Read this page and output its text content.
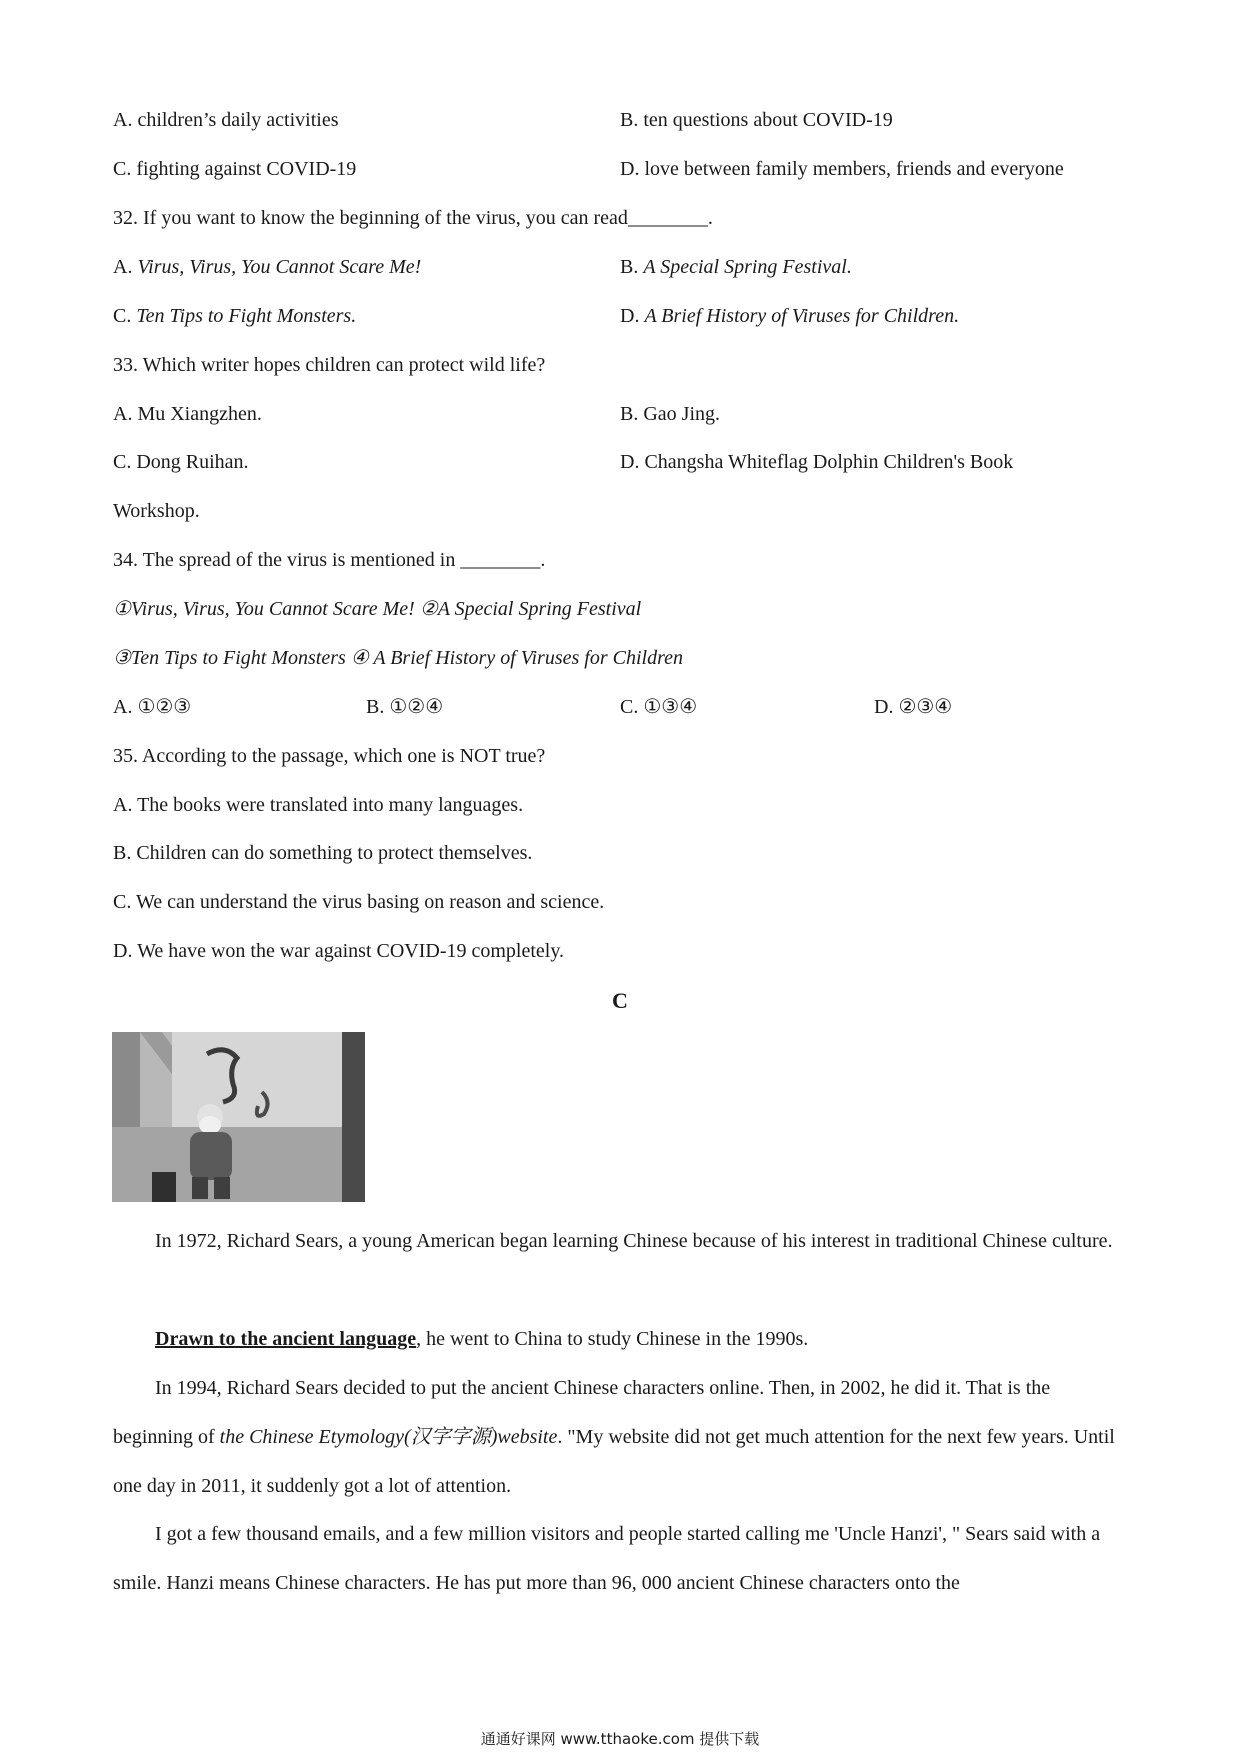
A. children’s daily activities	B. ten questions about COVID-19
C. fighting against COVID-19	D. love between family members, friends and everyone
32. If you want to know the beginning of the virus, you can read________.
A. Virus, Virus, You Cannot Scare Me!	B. A Special Spring Festival.
C. Ten Tips to Fight Monsters.	D. A Brief History of Viruses for Children.
33. Which writer hopes children can protect wild life?
A. Mu Xiangzhen.	B. Gao Jing.
C. Dong Ruihan.	D. Changsha Whiteflag Dolphin Children's Book
Workshop.
34. The spread of the virus is mentioned in ________.
①Virus, Virus, You Cannot Scare Me! ②A Special Spring Festival
③Ten Tips to Fight Monsters ④ A Brief History of Viruses for Children
A. ①②③	B. ①②④	C. ①③④	D. ②③④
35. According to the passage, which one is NOT true?
A. The books were translated into many languages.
B. Children can do something to protect themselves.
C. We can understand the virus basing on reason and science.
D. We have won the war against COVID-19 completely.
C
In 1972, Richard Sears, a young American began learning Chinese because of his interest in traditional Chinese culture.
Drawn to the ancient language, he went to China to study Chinese in the 1990s.
In 1994, Richard Sears decided to put the ancient Chinese characters online. Then, in 2002, he did it. That is the beginning of the Chinese Etymology(汉字字源)website. "My website did not get much attention for the next few years. Until one day in 2011, it suddenly got a lot of attention.
I got a few thousand emails, and a few million visitors and people started calling me 'Uncle Hanzi', " Sears said with a smile. Hanzi means Chinese characters. He has put more than 96, 000 ancient Chinese characters onto the
通通好课网 www.tthaoke.com 提供下载
